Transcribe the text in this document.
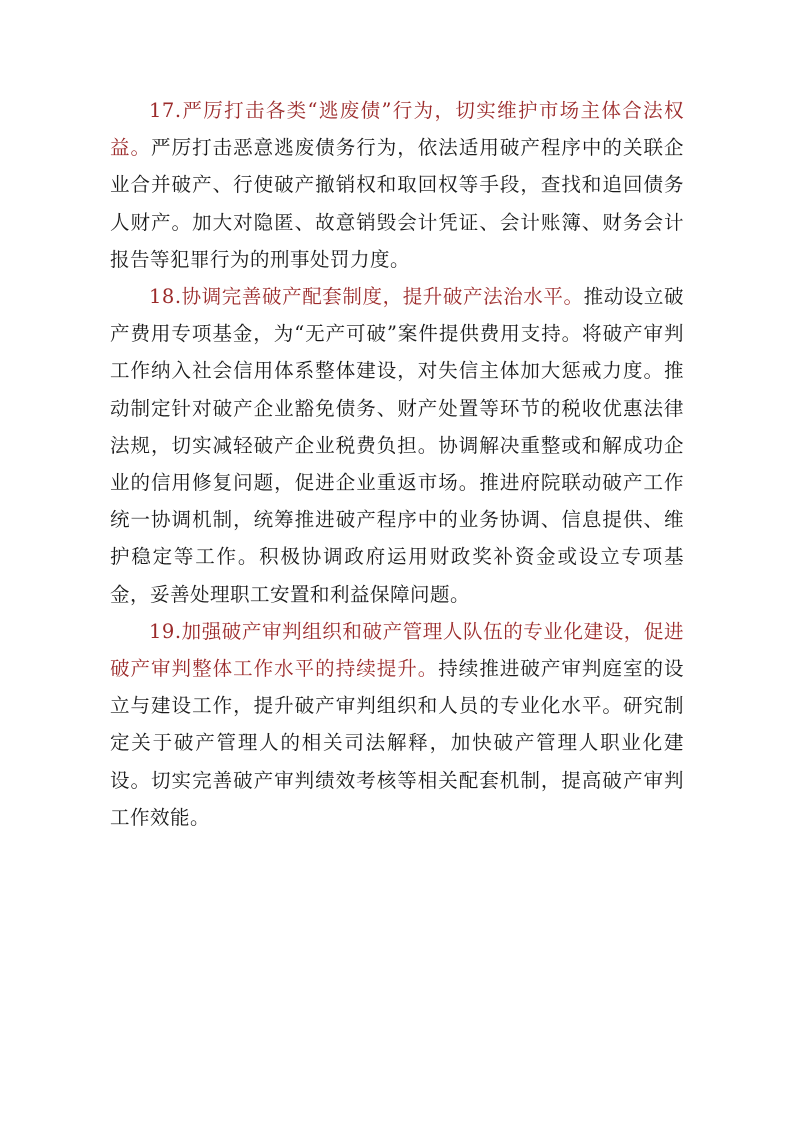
17.严厉打击各类“逃废债”行为，切实维护市场主体合法权益。严厉打击恶意逃废债务行为，依法适用破产程序中的关联企业合并破产、行使破产撤销权和取回权等手段，查找和追回债务人财产。加大对隐匿、故意销毁会计凭证、会计账簿、财务会计报告等犯罪行为的刑事处罚力度。

18.协调完善破产配套制度，提升破产法治水平。推动设立破产费用专项基金，为“无产可破”案件提供费用支持。将破产审判工作纳入社会信用体系整体建设，对失信主体加大惩戒力度。推动制定针对破产企业豁免债务、财产处置等环节的税收优惠法律法规，切实减轻破产企业税费负担。协调解决重整或和解成功企业的信用修复问题，促进企业重返市场。推进府院联动破产工作统一协调机制，统筹推进破产程序中的业务协调、信息提供、维护稳定等工作。积极协调政府运用财政奖补资金或设立专项基金，妥善处理职工安置和利益保障问题。

19.加强破产审判组织和破产管理人队伍的专业化建设，促进破产审判整体工作水平的持续提升。持续推进破产审判庭室的设立与建设工作，提升破产审判组织和人员的专业化水平。研究制定关于破产管理人的相关司法解释，加快破产管理人职业化建设。切实完善破产审判绩效考核等相关配套机制，提高破产审判工作效能。
